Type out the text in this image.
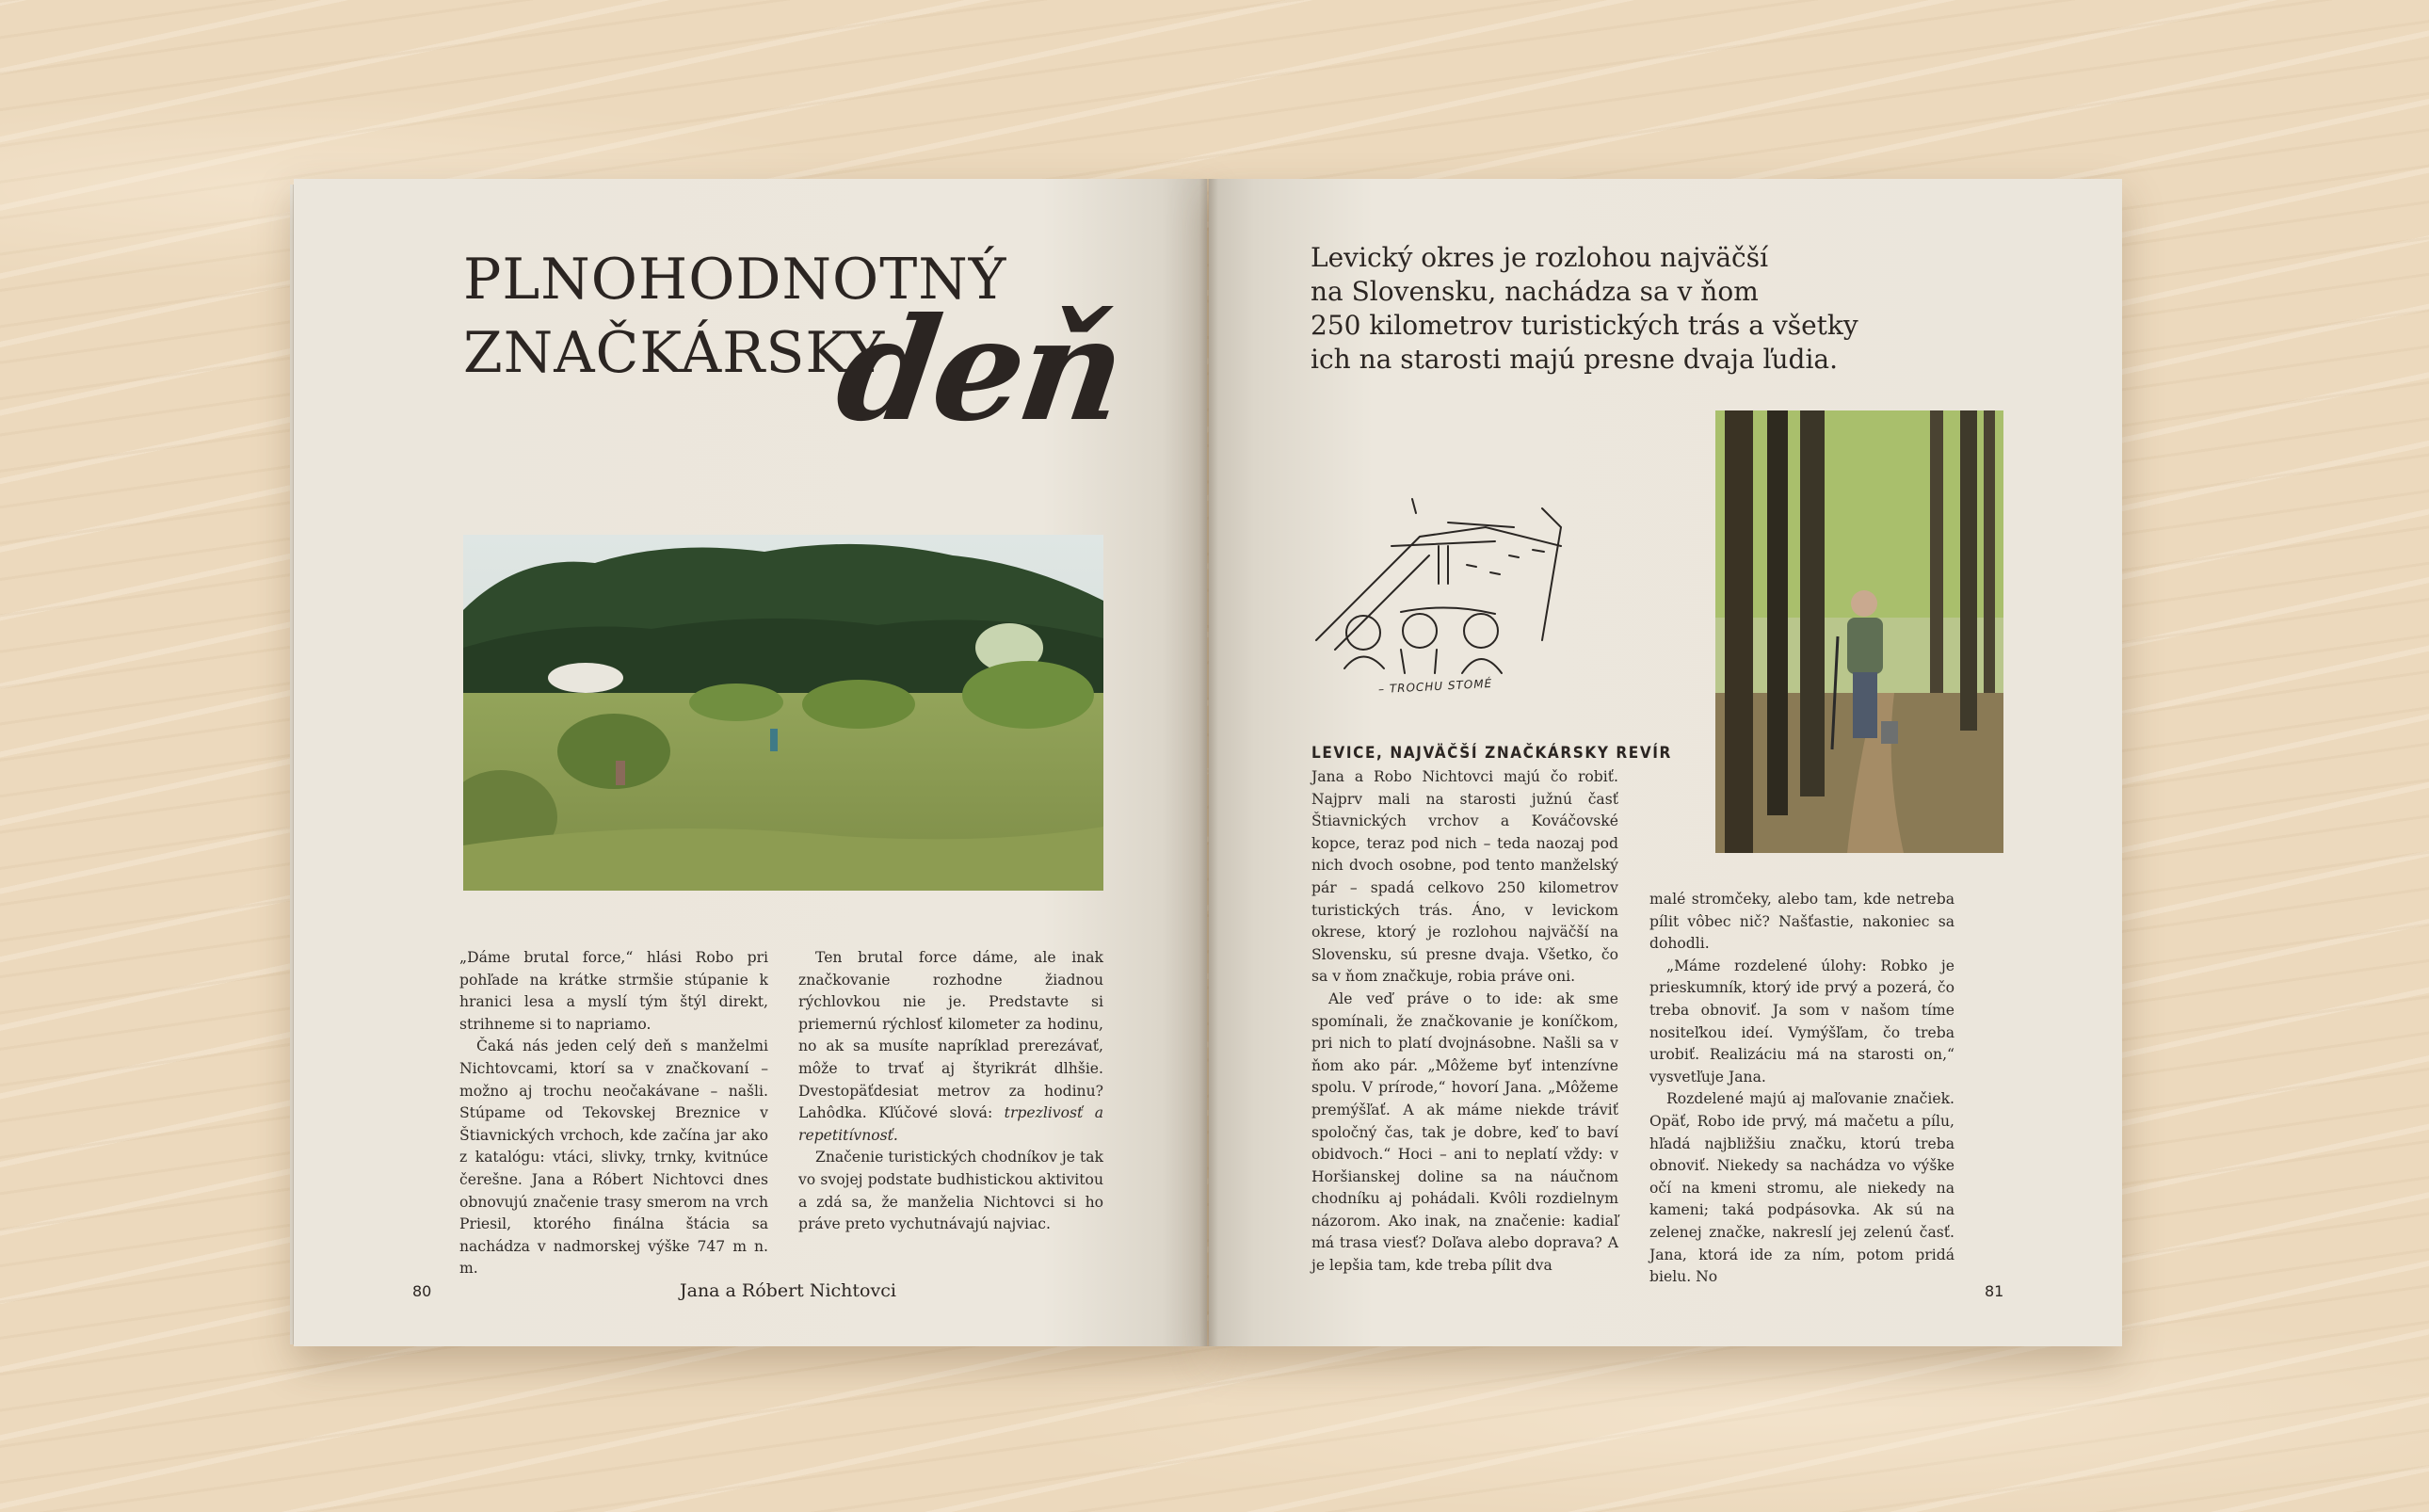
PLNOHODNOTNÝ
ZNAČKÁRSKY
deň

„Dáme brutal force,“ hlási Robo pri pohľade na krátke strmšie stúpanie k hranici lesa a myslí tým štýl direkt, strihneme si to napriamo.

Čaká nás jeden celý deň s manželmi Nichtovcami, ktorí sa v značkovaní – možno aj trochu neočakávane – našli. Stúpame od Tekovskej Breznice v Štiavnických vrchoch, kde začína jar ako z katalógu: vtáci, slivky, trnky, kvitnúce čerešne. Jana a Róbert Nichtovci dnes obnovujú značenie trasy smerom na vrch Priesil, ktorého finálna štácia sa nachádza v nadmorskej výške 747 m n. m.

Ten brutal force dáme, ale inak značkovanie rozhodne žiadnou rýchlovkou nie je. Predstavte si priemernú rýchlosť kilometer za hodinu, no ak sa musíte napríklad prerezávať, môže to trvať aj štyrikrát dlhšie. Dvestopäťdesiat metrov za hodinu? Lahôdka. Kľúčové slová: trpezlivosť a repetitívnosť.

Značenie turistických chodníkov je tak vo svojej podstate budhistickou aktivitou a zdá sa, že manželia Nichtovci si ho práve preto vychutnávajú najviac.

80	Jana a Róbert Nichtovci
Levický okres je rozlohou najväčší
na Slovensku, nachádza sa v ňom
250 kilometrov turistických trás a všetky
ich na starosti majú presne dvaja ľudia.
– TROCHU STOMÉ
LEVICE, NAJVÄČŠÍ ZNAČKÁRSKY REVÍR

Jana a Robo Nichtovci majú čo robiť. Najprv mali na starosti južnú časť Štiavnických vrchov a Kováčovské kopce, teraz pod nich – teda naozaj pod nich dvoch osobne, pod tento manželský pár – spadá celkovo 250 kilometrov turistických trás. Áno, v levickom okrese, ktorý je rozlohou najväčší na Slovensku, sú presne dvaja. Všetko, čo sa v ňom značkuje, robia práve oni.

Ale veď práve o to ide: ak sme spomínali, že značkovanie je koníčkom, pri nich to platí dvojnásobne. Našli sa v ňom ako pár. „Môžeme byť intenzívne spolu. V prírode,“ hovorí Jana. „Môžeme premýšľať. A ak máme niekde tráviť spoločný čas, tak je dobre, keď to baví obidvoch.“ Hoci – ani to neplatí vždy: v Horšianskej doline sa na náučnom chodníku aj pohádali. Kvôli rozdielnym názorom. Ako inak, na značenie: kadiaľ má trasa viesť? Doľava alebo doprava? A je lepšia tam, kde treba pílit dva

malé stromčeky, alebo tam, kde netreba pílit vôbec nič? Našťastie, nakoniec sa dohodli.

„Máme rozdelené úlohy: Robko je prieskumník, ktorý ide prvý a pozerá, čo treba obnoviť. Ja som v našom tíme nositeľkou ideí. Vymýšľam, čo treba urobiť. Realizáciu má na starosti on,“ vysvetľuje Jana.

Rozdelené majú aj maľovanie značiek. Opäť, Robo ide prvý, má mačetu a pílu, hľadá najbližšiu značku, ktorú treba obnoviť. Niekedy sa nachádza vo výške očí na kmeni stromu, ale niekedy na kameni; taká podpásovka. Ak sú na zelenej značke, nakreslí jej zelenú časť. Jana, ktorá ide za ním, potom pridá bielu. No

81
